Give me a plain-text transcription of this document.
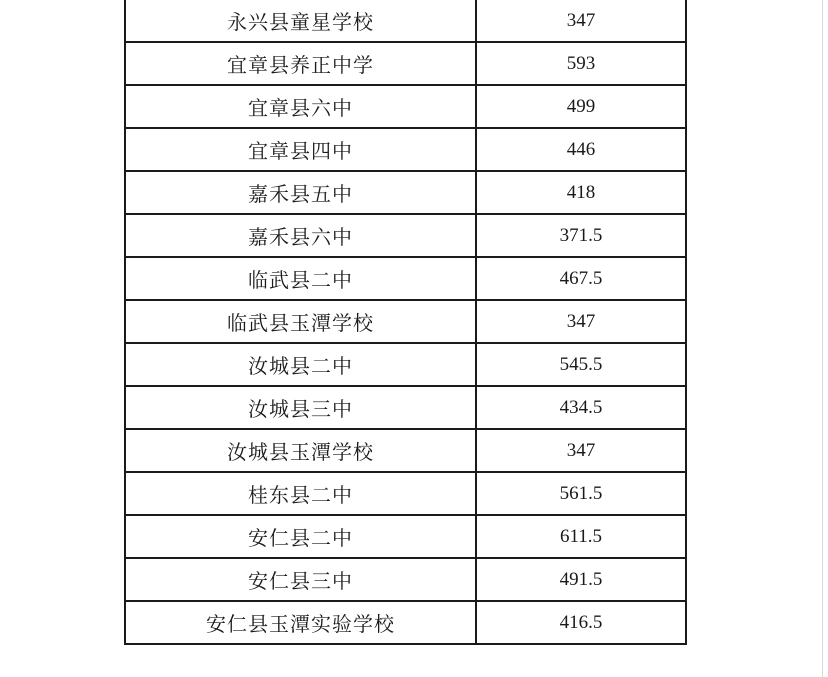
永兴县童星学校	347
宜章县养正中学	593
宜章县六中	499
宜章县四中	446
嘉禾县五中	418
嘉禾县六中	371.5
临武县二中	467.5
临武县玉潭学校	347
汝城县二中	545.5
汝城县三中	434.5
汝城县玉潭学校	347
桂东县二中	561.5
安仁县二中	611.5
安仁县三中	491.5
安仁县玉潭实验学校	416.5
